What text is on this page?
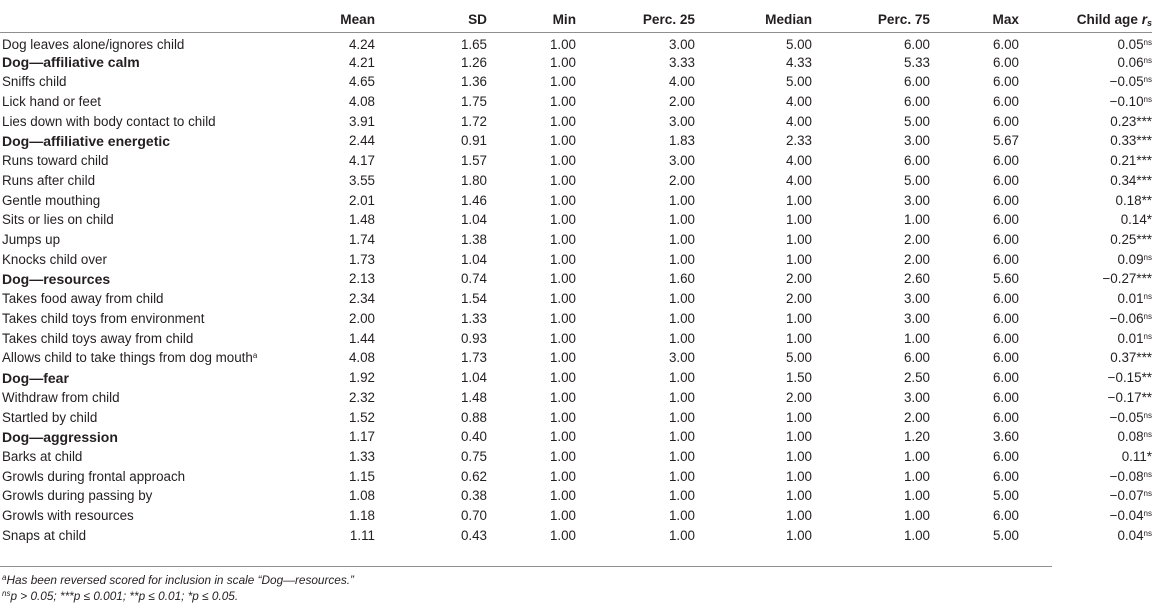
	Mean	SD	Min	Perc. 25	Median	Perc. 75	Max	Child age rs

Dog leaves alone/ignores child	4.24	1.65	1.00	3.00	5.00	6.00	6.00	$0.05^{ns}$
Dog—affiliative calm	4.21	1.26	1.00	3.33	4.33	5.33	6.00	$0.06^{ns}$
Sniffs child	4.65	1.36	1.00	4.00	5.00	6.00	6.00	$-0.05^{ns}$
Lick hand or feet	4.08	1.75	1.00	2.00	4.00	6.00	6.00	$-0.10^{ns}$
Lies down with body contact to child	3.91	1.72	1.00	3.00	4.00	5.00	6.00	0.23***
Dog—affiliative energetic	2.44	0.91	1.00	1.83	2.33	3.00	5.67	0.33***
Runs toward child	4.17	1.57	1.00	3.00	4.00	6.00	6.00	0.21***
Runs after child	3.55	1.80	1.00	2.00	4.00	5.00	6.00	0.34***
Gentle mouthing	2.01	1.46	1.00	1.00	1.00	3.00	6.00	0.18**
Sits or lies on child	1.48	1.04	1.00	1.00	1.00	1.00	6.00	0.14*
Jumps up	1.74	1.38	1.00	1.00	1.00	2.00	6.00	0.25***
Knocks child over	1.73	1.04	1.00	1.00	1.00	2.00	6.00	$0.09^{ns}$
Dog—resources	2.13	0.74	1.00	1.60	2.00	2.60	5.60	−0.27***
Takes food away from child	2.34	1.54	1.00	1.00	2.00	3.00	6.00	$0.01^{ns}$
Takes child toys from environment	2.00	1.33	1.00	1.00	1.00	3.00	6.00	$-0.06^{ns}$
Takes child toys away from child	1.44	0.93	1.00	1.00	1.00	1.00	6.00	$0.01^{ns}$
Allows child to take things from dog mouth$^a$	4.08	1.73	1.00	3.00	5.00	6.00	6.00	0.37***
Dog—fear	1.92	1.04	1.00	1.00	1.50	2.50	6.00	−0.15**
Withdraw from child	2.32	1.48	1.00	1.00	2.00	3.00	6.00	−0.17**
Startled by child	1.52	0.88	1.00	1.00	1.00	2.00	6.00	$-0.05^{ns}$
Dog—aggression	1.17	0.40	1.00	1.00	1.00	1.20	3.60	$0.08^{ns}$
Barks at child	1.33	0.75	1.00	1.00	1.00	1.00	6.00	0.11*
Growls during frontal approach	1.15	0.62	1.00	1.00	1.00	1.00	6.00	$-0.08^{ns}$
Growls during passing by	1.08	0.38	1.00	1.00	1.00	1.00	5.00	$-0.07^{ns}$
Growls with resources	1.18	0.70	1.00	1.00	1.00	1.00	6.00	$-0.04^{ns}$
Snaps at child	1.11	0.43	1.00	1.00	1.00	1.00	5.00	$0.04^{ns}$
$^a$Has been reversed scored for inclusion in scale “Dog—resources.”
$^{ns}$p > 0.05; ***p ≤ 0.001; **p ≤ 0.01; *p ≤ 0.05.
